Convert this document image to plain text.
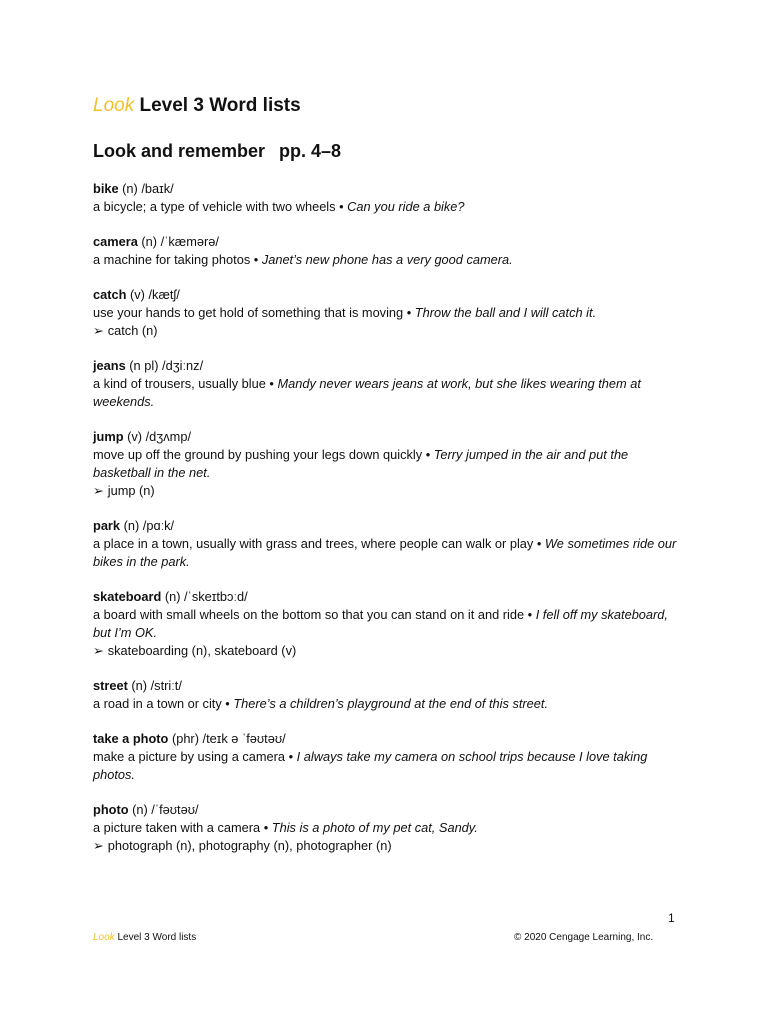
Look Level 3 Word lists
Look and remember pp. 4–8
bike (n) /baɪk/
a bicycle; a type of vehicle with two wheels • Can you ride a bike?
camera (n) /ˈkæmərə/
a machine for taking photos • Janet’s new phone has a very good camera.
catch (v) /kætʃ/
use your hands to get hold of something that is moving • Throw the ball and I will catch it.
➢ catch (n)
jeans (n pl) /dʒiːnz/
a kind of trousers, usually blue • Mandy never wears jeans at work, but she likes wearing them at weekends.
jump (v) /dʒʌmp/
move up off the ground by pushing your legs down quickly • Terry jumped in the air and put the basketball in the net.
➢ jump (n)
park (n) /pɑːk/
a place in a town, usually with grass and trees, where people can walk or play • We sometimes ride our bikes in the park.
skateboard (n) /ˈskeɪtbɔːd/
a board with small wheels on the bottom so that you can stand on it and ride • I fell off my skateboard, but I’m OK.
➢ skateboarding (n), skateboard (v)
street (n) /striːt/
a road in a town or city • There’s a children’s playground at the end of this street.
take a photo (phr) /teɪk ə ˈfəʊtəʊ/
make a picture by using a camera • I always take my camera on school trips because I love taking photos.
photo (n) /ˈfəʊtəʊ/
a picture taken with a camera • This is a photo of my pet cat, Sandy.
➢ photograph (n), photography (n), photographer (n)
1
Look Level 3 Word lists	© 2020 Cengage Learning, Inc.
